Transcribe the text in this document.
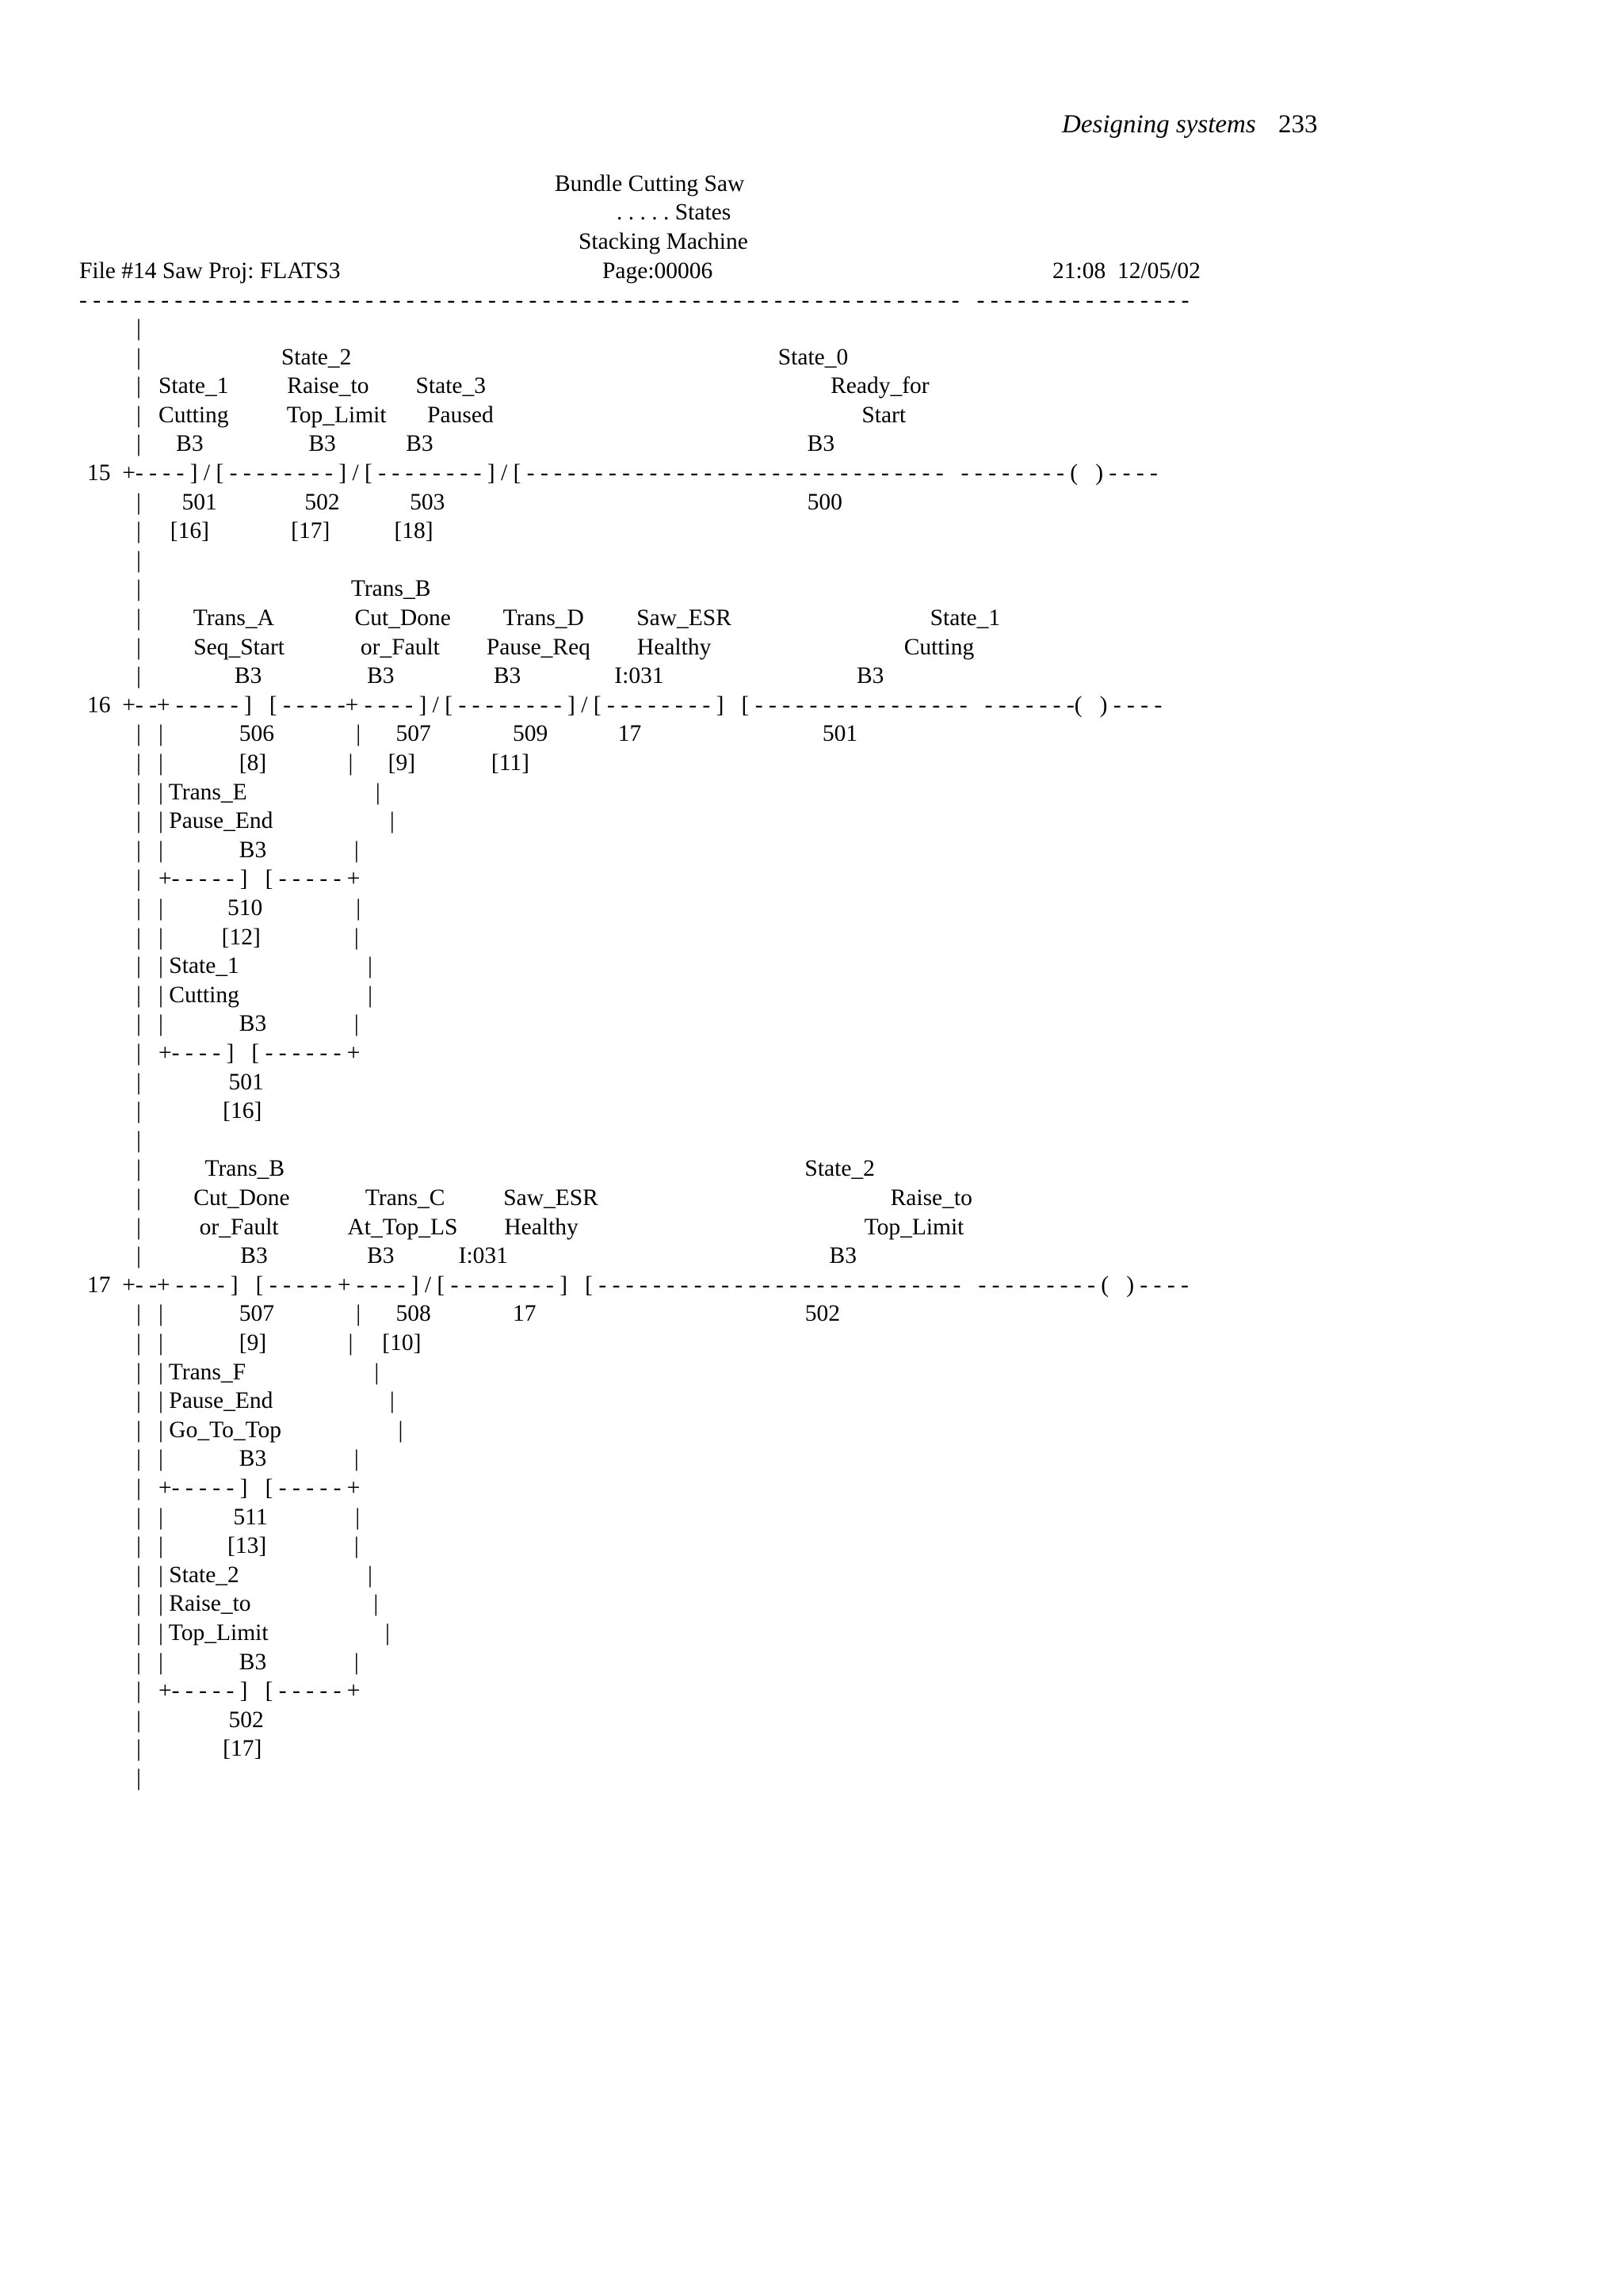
Designing systems 233
Bundle Cutting Saw
. . . . . States
Stacking Machine
File #14 Saw Proj: FLATS3	Page:00006	21:08  12/05/02
- - - - - - - - - - - - - - - - - - - - - - - - - - - - - - - - - - - - - - - - - - - - - - - - - - - - - - - - - - - - - - - - -   - - - - - - - - - - - - - - - -
|
|                        State_2                                                                         State_0
|   State_1          Raise_to        State_3                                                           Ready_for
|   Cutting          Top_Limit       Paused                                                               Start
|      B3                  B3            B3                                                                B3
15  +- - - - ] / [ - - - - - - - - ] / [ - - - - - - - - ] / [ - - - - - - - - - - - - - - - - - - - - - - - - - - - - - - -   - - - - - - - - (   ) - - - -
|       501               502            503                                                              500
|     [16]              [17]           [18]
|
|                                    Trans_B
|         Trans_A              Cut_Done         Trans_D         Saw_ESR                                  State_1
|         Seq_Start             or_Fault        Pause_Req        Healthy                                 Cutting
|                B3                  B3                 B3                I:031                                 B3
16  +- -+ - - - - - ]   [ - - - - -+ - - - - ] / [ - - - - - - - - ] / [ - - - - - - - - ]   [ - - - - - - - - - - - - - - - -   - - - - - - -(   ) - - - -
|   |             506              |      507              509            17                               501
|   |             [8]              |      [9]             [11]
|   | Trans_E                      |
|   | Pause_End                    |
|   |             B3               |
|   +- - - - - ]   [ - - - - - +
|   |           510                |
|   |          [12]                |
|   | State_1                      |
|   | Cutting                      |
|   |             B3               |
|   +- - - - ]   [ - - - - - - +
|               501
|              [16]
|
|           Trans_B                                                                                         State_2
|         Cut_Done             Trans_C          Saw_ESR                                                  Raise_to
|          or_Fault            At_Top_LS        Healthy                                                 Top_Limit
|                 B3                 B3           I:031                                                       B3
17  +- -+ - - - - ]   [ - - - - - + - - - - ] / [ - - - - - - - - ]   [ - - - - - - - - - - - - - - - - - - - - - - - - - - -   - - - - - - - - - (   ) - - - -
|   |             507              |      508              17                                              502
|   |             [9]              |     [10]
|   | Trans_F                      |
|   | Pause_End                    |
|   | Go_To_Top                    |
|   |             B3               |
|   +- - - - - ]   [ - - - - - +
|   |            511               |
|   |           [13]               |
|   | State_2                      |
|   | Raise_to                     |
|   | Top_Limit                    |
|   |             B3               |
|   +- - - - - ]   [ - - - - - +
|               502
|              [17]
|
